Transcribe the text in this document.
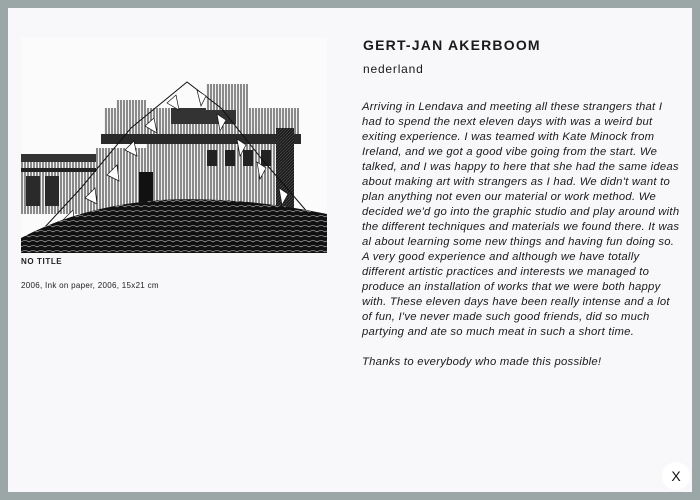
NO TITLE
2006, Ink on paper, 2006, 15x21 cm
GERT-JAN AKERBOOM
nederland

Arriving in Lendava and meeting all these strangers that I had to spend the next eleven days with was a weird but exiting experience. I was teamed with Kate Minock from Ireland, and we got a good vibe going from the start. We talked, and I was happy to here that she had the same ideas about making art with strangers as I had. We didn't want to plan anything not even our material or work method. We decided we'd go into the graphic studio and play around with the different techniques and materials we found there. It was al about learning some new things and having fun doing so. A very good experience and although we have totally different artistic practices and interests we managed to produce an installation of works that we were both happy with. These eleven days have been really intense and a lot of fun, I've never made such good friends, did so much partying and ate so much meat in such a short time.

Thanks to everybody who made this possible!

X
